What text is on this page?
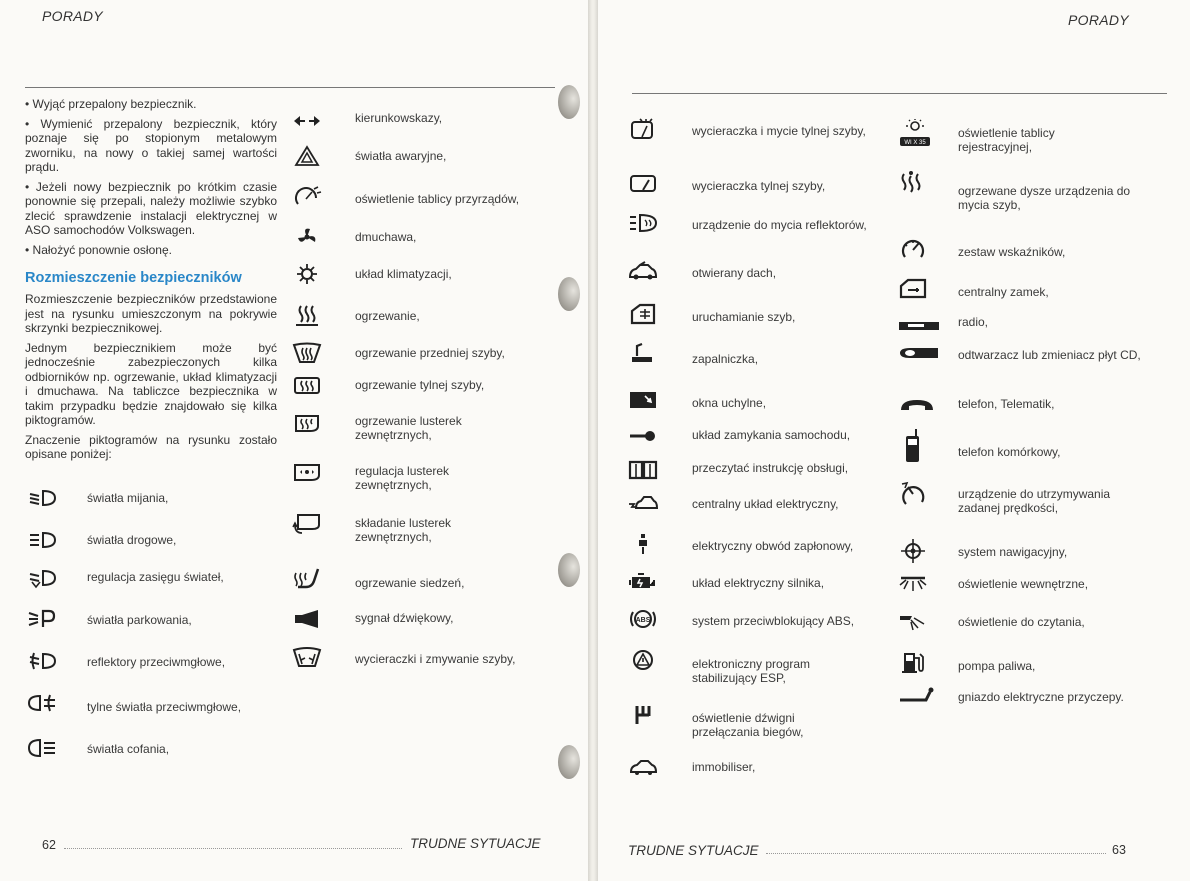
PORADY

• Wyjąć przepalony bezpiecznik.

• Wymienić przepalony bezpiecznik, który poznaje się po stopionym metalowym zworniku, na nowy o takiej samej wartości prądu.

• Jeżeli nowy bezpiecznik po krótkim czasie ponownie się przepali, należy możliwie szybko zlecić sprawdzenie instalacji elektrycznej w ASO samochodów Volkswagen.

• Nałożyć ponownie osłonę.

Rozmieszczenie bezpieczników

Rozmieszczenie bezpieczników przedstawione jest na rysunku umieszczonym na pokrywie skrzynki bezpiecznikowej.

Jednym bezpiecznikiem może być jednocześnie zabezpieczonych kilka odbiorników np. ogrzewanie, układ klimatyzacji i dmuchawa. Na tabliczce bezpiecznika w takim przypadku będzie znajdowało się kilka piktogramów.

Znaczenie piktogramów na rysunku zostało opisane poniżej:

światła mijania,
światła drogowe,
regulacja zasięgu świateł,
światła parkowania,
reflektory przeciwmgłowe,
tylne światła przeciwmgłowe,
światła cofania,
kierunkowskazy,
światła awaryjne,
oświetlenie tablicy przyrządów,
dmuchawa,
układ klimatyzacji,
ogrzewanie,
ogrzewanie przedniej szyby,
ogrzewanie tylnej szyby,
ogrzewanie lusterek zewnętrznych,
regulacja lusterek zewnętrznych,
składanie lusterek zewnętrznych,
ogrzewanie siedzeń,
sygnał dźwiękowy,
wycieraczki i zmywanie szyby,
62	TRUDNE SYTUACJE
PORADY
wycieraczka i mycie tylnej szyby,
wycieraczka tylnej szyby,
urządzenie do mycia reflektorów,
otwierany dach,
uruchamianie szyb,
zapalniczka,
okna uchylne,
układ zamykania samochodu,
przeczytać instrukcję obsługi,
centralny układ elektryczny,
elektryczny obwód zapłonowy,
układ elektryczny silnika,
ABS	system przeciwblokujący ABS,
elektroniczny program stabilizujący ESP,
oświetlenie dźwigni przełączania biegów,
immobiliser,
WI X 35
oświetlenie tablicy rejestracyjnej,
ogrzewane dysze urządzenia do mycia szyb,
zestaw wskaźników,
centralny zamek,
radio,
odtwarzacz lub zmieniacz płyt CD,
telefon, Telematik,
telefon komórkowy,
urządzenie do utrzymywania zadanej prędkości,
system nawigacyjny,
oświetlenie wewnętrzne,
oświetlenie do czytania,
pompa paliwa,
gniazdo elektryczne przyczepy.
TRUDNE SYTUACJE	63
